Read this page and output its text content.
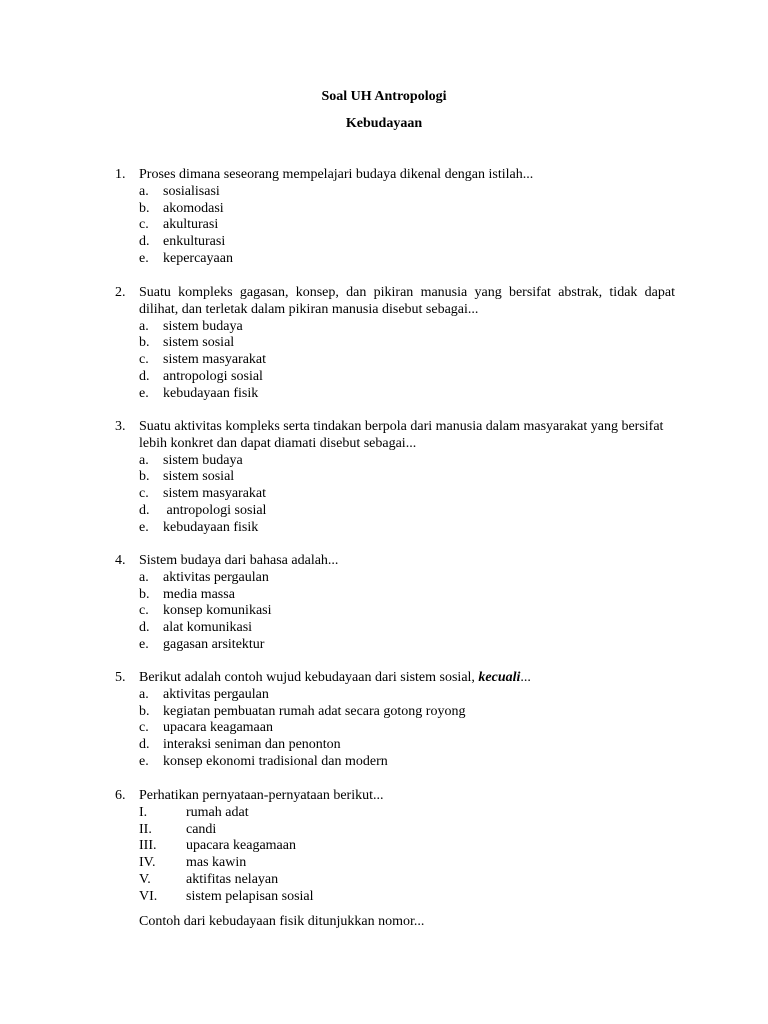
Soal UH Antropologi
Kebudayaan
1. Proses dimana seseorang mempelajari budaya dikenal dengan istilah...
a.	sosialisasi
b. akomodasi
c.	akulturasi
d. enkulturasi
e.	kepercayaan
2. Suatu kompleks gagasan, konsep, dan pikiran manusia yang bersifat abstrak, tidak dapat dilihat, dan terletak dalam pikiran manusia disebut sebagai...
a.	sistem budaya
b. sistem sosial
c.	sistem masyarakat
d. antropologi sosial
e.	kebudayaan fisik
3. Suatu aktivitas kompleks serta tindakan berpola dari manusia dalam masyarakat yang bersifat lebih konkret dan dapat diamati disebut sebagai...
a.	sistem budaya
b. sistem sosial
c.	sistem masyarakat
d. antropologi sosial
e.	kebudayaan fisik
4. Sistem budaya dari bahasa adalah...
a.	aktivitas pergaulan
b. media massa
c.	konsep komunikasi
d. alat komunikasi
e.	gagasan arsitektur
5. Berikut adalah contoh wujud kebudayaan dari sistem sosial, kecuali...
a.	aktivitas pergaulan
b. kegiatan pembuatan rumah adat secara gotong royong
c.	upacara keagamaan
d. interaksi seniman dan penonton
e.	konsep ekonomi tradisional dan modern
6. Perhatikan pernyataan-pernyataan berikut...
I.	rumah adat
II.	candi
III.	upacara keagamaan
IV.	mas kawin
V.	aktifitas nelayan
VI.	sistem pelapisan sosial
Contoh dari kebudayaan fisik ditunjukkan nomor...
